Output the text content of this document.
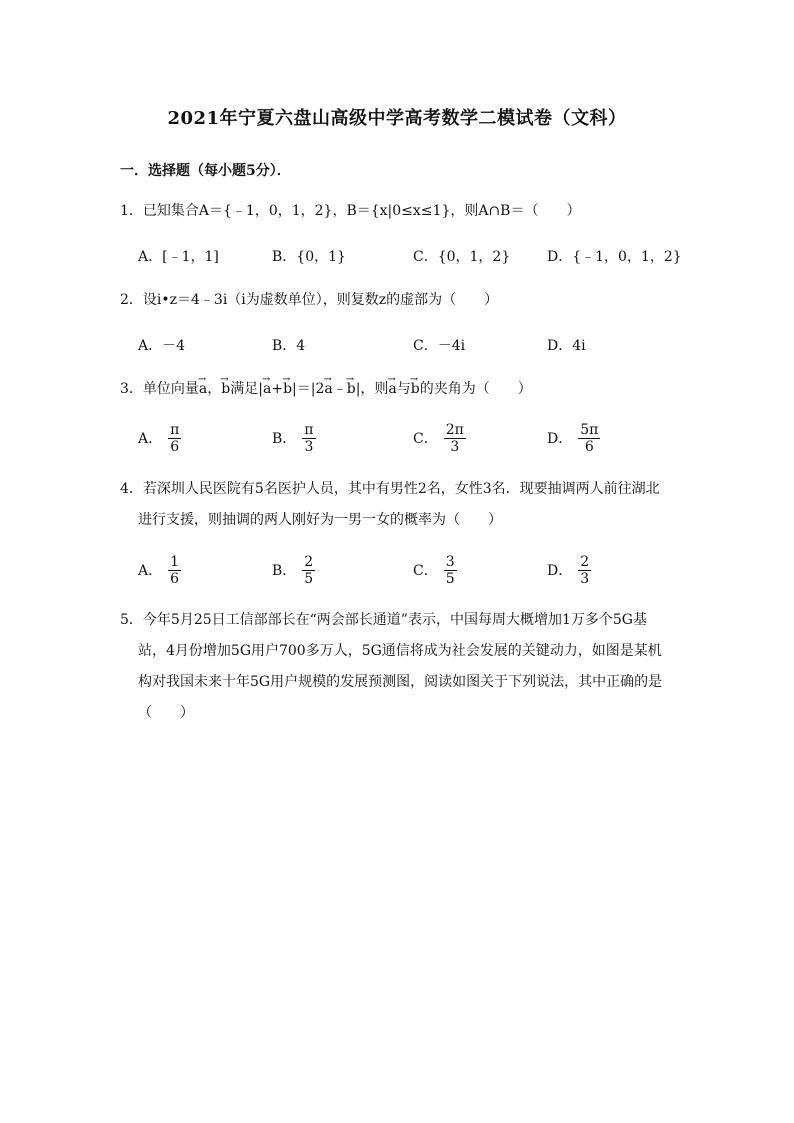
2021年宁夏六盘山高级中学高考数学二模试卷（文科）
一．选择题（每小题5分）．
1．已知集合A＝{﹣1，0，1，2}，B＝{x|0≤x≤1}，则A∩B＝（　　）
A．[﹣1，1]	B．{0，1}	C．{0，1，2}	D．{﹣1，0，1，2}
2．设i•z＝4﹣3i（i为虚数单位），则复数z的虚部为（　　）
A．－4	B．4	C．－4i	D．4i
3．单位向量→ a，→ b满足|→ a+→ b|＝|2→ a﹣→ b|，则→ a与→ b的夹角为（　　）
A． $\frac{\pi}{6}$	B． $\frac{\pi}{3}$	C． $\frac{2\pi}{3}$	D． $\frac{5\pi}{6}$
4．若深圳人民医院有5名医护人员，其中有男性2名，女性3名．现要抽调两人前往湖北
进行支援，则抽调的两人刚好为一男一女的概率为（　　）
A． $\frac{1}{6}$	B． $\frac{2}{5}$	C． $\frac{3}{5}$	D． $\frac{2}{3}$
5．今年5月25日工信部部长在“两会部长通道”表示，中国每周大概增加1万多个5G基
站，4月份增加5G用户700多万人，5G通信将成为社会发展的关键动力，如图是某机
构对我国未来十年5G用户规模的发展预测图，阅读如图关于下列说法，其中正确的是
（　　）
